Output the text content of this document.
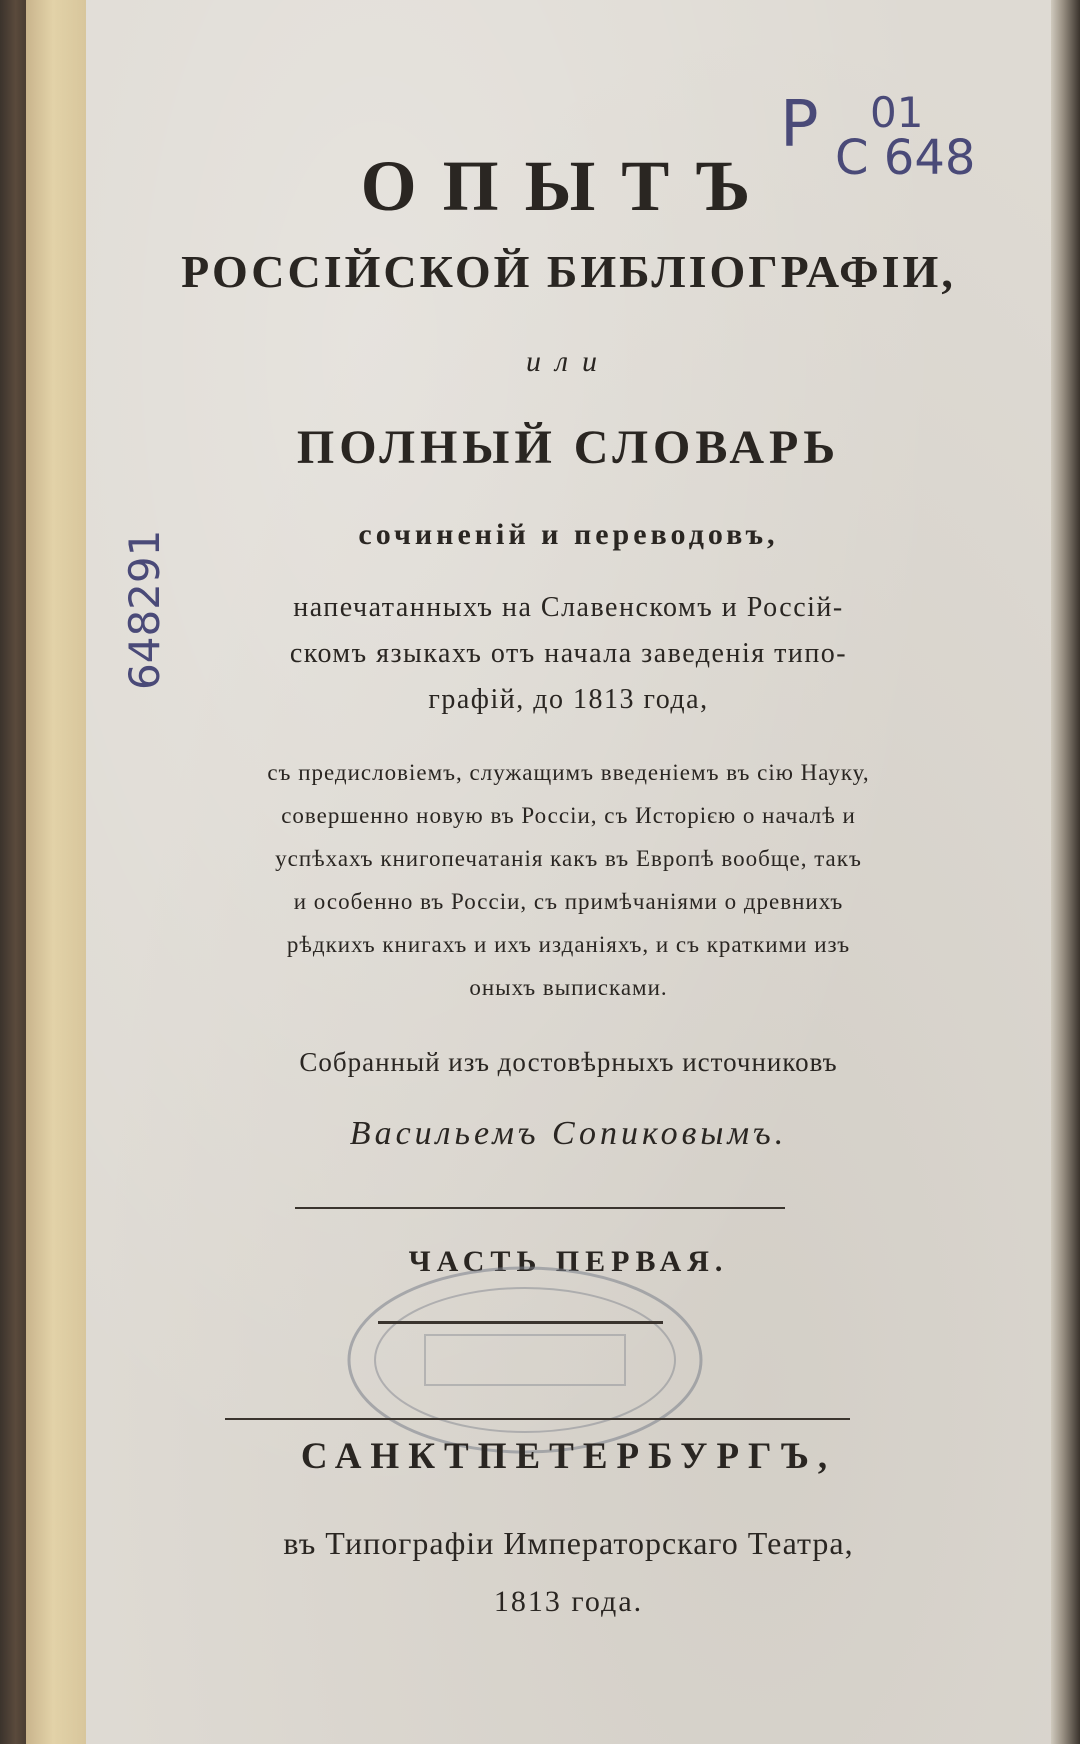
Р 01

С 648

648291

ОПЫТЪ

РОССІЙСКОЙ БИБЛІОГРАФІИ,

или

ПОЛНЫЙ СЛОВАРЬ

сочиненій и переводовъ,

напечатанныхъ на Славенскомъ и Россій-

скомъ языкахъ отъ начала заведенія типо-

графій, до 1813 года,

съ предисловіемъ, служащимъ введеніемъ въ сію Науку,

совершенно новую въ Россіи, съ Исторією о началѣ и

успѣхахъ книгопечатанія какъ въ Европѣ вообще, такъ

и особенно въ Россіи, съ примѣчаніями о древнихъ

рѣдкихъ книгахъ и ихъ изданіяхъ, и съ краткими изъ

оныхъ выписками.

Собранный изъ достовѣрныхъ источниковъ

Васильемъ Сопиковымъ.

ЧАСТЬ ПЕРВАЯ.

САНКТПЕТЕРБУРГЪ,

въ Типографіи Императорскаго Театра,

1813 года.
